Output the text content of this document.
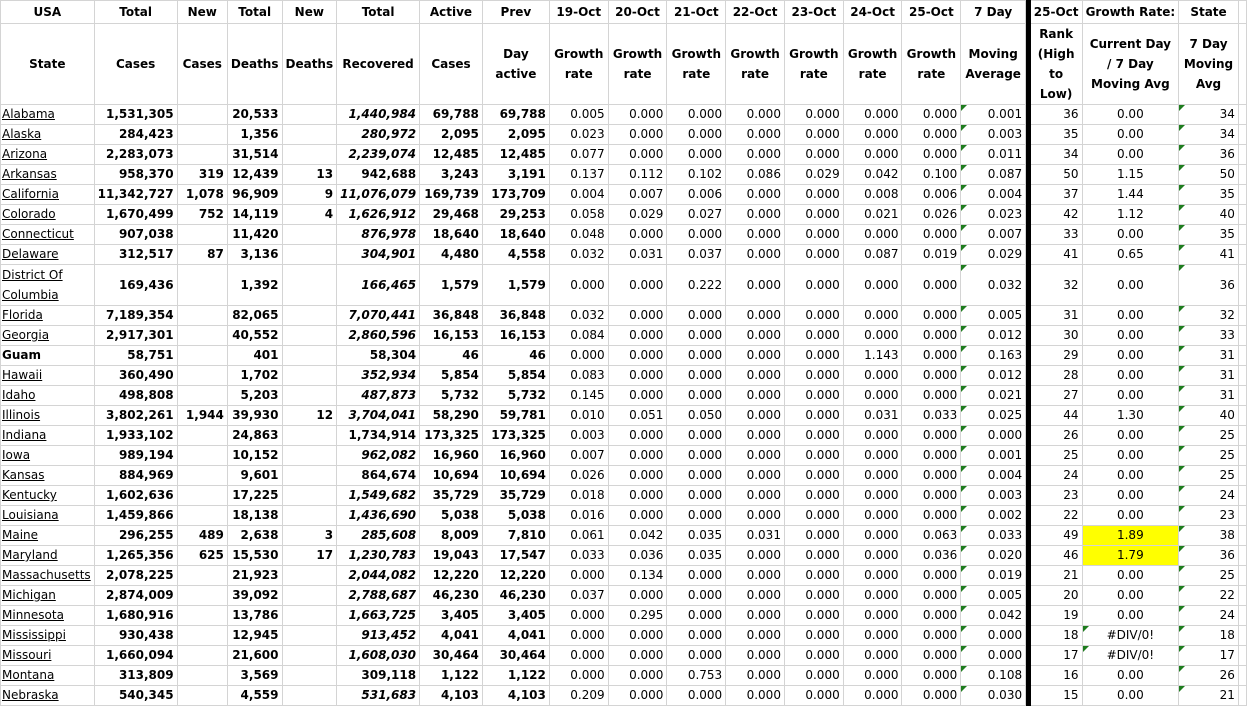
USA	Total	New	Total	New	Total	Active	Prev	19-Oct	20-Oct	21-Oct	22-Oct	23-Oct	24-Oct	25-Oct	7 Day		25-Oct	Growth Rate:	State	
State	Cases	Cases	Deaths	Deaths	Recovered	Cases	Day active	Growth rate	Growth rate	Growth rate	Growth rate	Growth rate	Growth rate	Growth rate	Moving Average		Rank (High to Low)	Current Day / 7 Day Moving Avg	7 Day Moving Avg	
Alabama	1,531,305		20,533		1,440,984	69,788	69,788	0.005	0.000	0.000	0.000	0.000	0.000	0.000	0.001		36	0.00	34	
Alaska	284,423		1,356		280,972	2,095	2,095	0.023	0.000	0.000	0.000	0.000	0.000	0.000	0.003		35	0.00	34	
Arizona	2,283,073		31,514		2,239,074	12,485	12,485	0.077	0.000	0.000	0.000	0.000	0.000	0.000	0.011		34	0.00	36	
Arkansas	958,370	319	12,439	13	942,688	3,243	3,191	0.137	0.112	0.102	0.086	0.029	0.042	0.100	0.087		50	1.15	50	
California	11,342,727	1,078	96,909	9	11,076,079	169,739	173,709	0.004	0.007	0.006	0.000	0.000	0.008	0.006	0.004		37	1.44	35	
Colorado	1,670,499	752	14,119	4	1,626,912	29,468	29,253	0.058	0.029	0.027	0.000	0.000	0.021	0.026	0.023		42	1.12	40	
Connecticut	907,038		11,420		876,978	18,640	18,640	0.048	0.000	0.000	0.000	0.000	0.000	0.000	0.007		33	0.00	35	
Delaware	312,517	87	3,136		304,901	4,480	4,558	0.032	0.031	0.037	0.000	0.000	0.087	0.019	0.029		41	0.65	41	
District Of Columbia	169,436		1,392		166,465	1,579	1,579	0.000	0.000	0.222	0.000	0.000	0.000	0.000	0.032		32	0.00	36	
Florida	7,189,354		82,065		7,070,441	36,848	36,848	0.032	0.000	0.000	0.000	0.000	0.000	0.000	0.005		31	0.00	32	
Georgia	2,917,301		40,552		2,860,596	16,153	16,153	0.084	0.000	0.000	0.000	0.000	0.000	0.000	0.012		30	0.00	33	
Guam	58,751		401		58,304	46	46	0.000	0.000	0.000	0.000	0.000	1.143	0.000	0.163		29	0.00	31	
Hawaii	360,490		1,702		352,934	5,854	5,854	0.083	0.000	0.000	0.000	0.000	0.000	0.000	0.012		28	0.00	31	
Idaho	498,808		5,203		487,873	5,732	5,732	0.145	0.000	0.000	0.000	0.000	0.000	0.000	0.021		27	0.00	31	
Illinois	3,802,261	1,944	39,930	12	3,704,041	58,290	59,781	0.010	0.051	0.050	0.000	0.000	0.031	0.033	0.025		44	1.30	40	
Indiana	1,933,102		24,863		1,734,914	173,325	173,325	0.003	0.000	0.000	0.000	0.000	0.000	0.000	0.000		26	0.00	25	
Iowa	989,194		10,152		962,082	16,960	16,960	0.007	0.000	0.000	0.000	0.000	0.000	0.000	0.001		25	0.00	25	
Kansas	884,969		9,601		864,674	10,694	10,694	0.026	0.000	0.000	0.000	0.000	0.000	0.000	0.004		24	0.00	25	
Kentucky	1,602,636		17,225		1,549,682	35,729	35,729	0.018	0.000	0.000	0.000	0.000	0.000	0.000	0.003		23	0.00	24	
Louisiana	1,459,866		18,138		1,436,690	5,038	5,038	0.016	0.000	0.000	0.000	0.000	0.000	0.000	0.002		22	0.00	23	
Maine	296,255	489	2,638	3	285,608	8,009	7,810	0.061	0.042	0.035	0.031	0.000	0.000	0.063	0.033		49	1.89	38	
Maryland	1,265,356	625	15,530	17	1,230,783	19,043	17,547	0.033	0.036	0.035	0.000	0.000	0.000	0.036	0.020		46	1.79	36	
Massachusetts	2,078,225		21,923		2,044,082	12,220	12,220	0.000	0.134	0.000	0.000	0.000	0.000	0.000	0.019		21	0.00	25	
Michigan	2,874,009		39,092		2,788,687	46,230	46,230	0.037	0.000	0.000	0.000	0.000	0.000	0.000	0.005		20	0.00	22	
Minnesota	1,680,916		13,786		1,663,725	3,405	3,405	0.000	0.295	0.000	0.000	0.000	0.000	0.000	0.042		19	0.00	24	
Mississippi	930,438		12,945		913,452	4,041	4,041	0.000	0.000	0.000	0.000	0.000	0.000	0.000	0.000		18	#DIV/0!	18	
Missouri	1,660,094		21,600		1,608,030	30,464	30,464	0.000	0.000	0.000	0.000	0.000	0.000	0.000	0.000		17	#DIV/0!	17	
Montana	313,809		3,569		309,118	1,122	1,122	0.000	0.000	0.753	0.000	0.000	0.000	0.000	0.108		16	0.00	26	
Nebraska	540,345		4,559		531,683	4,103	4,103	0.209	0.000	0.000	0.000	0.000	0.000	0.000	0.030		15	0.00	21	
